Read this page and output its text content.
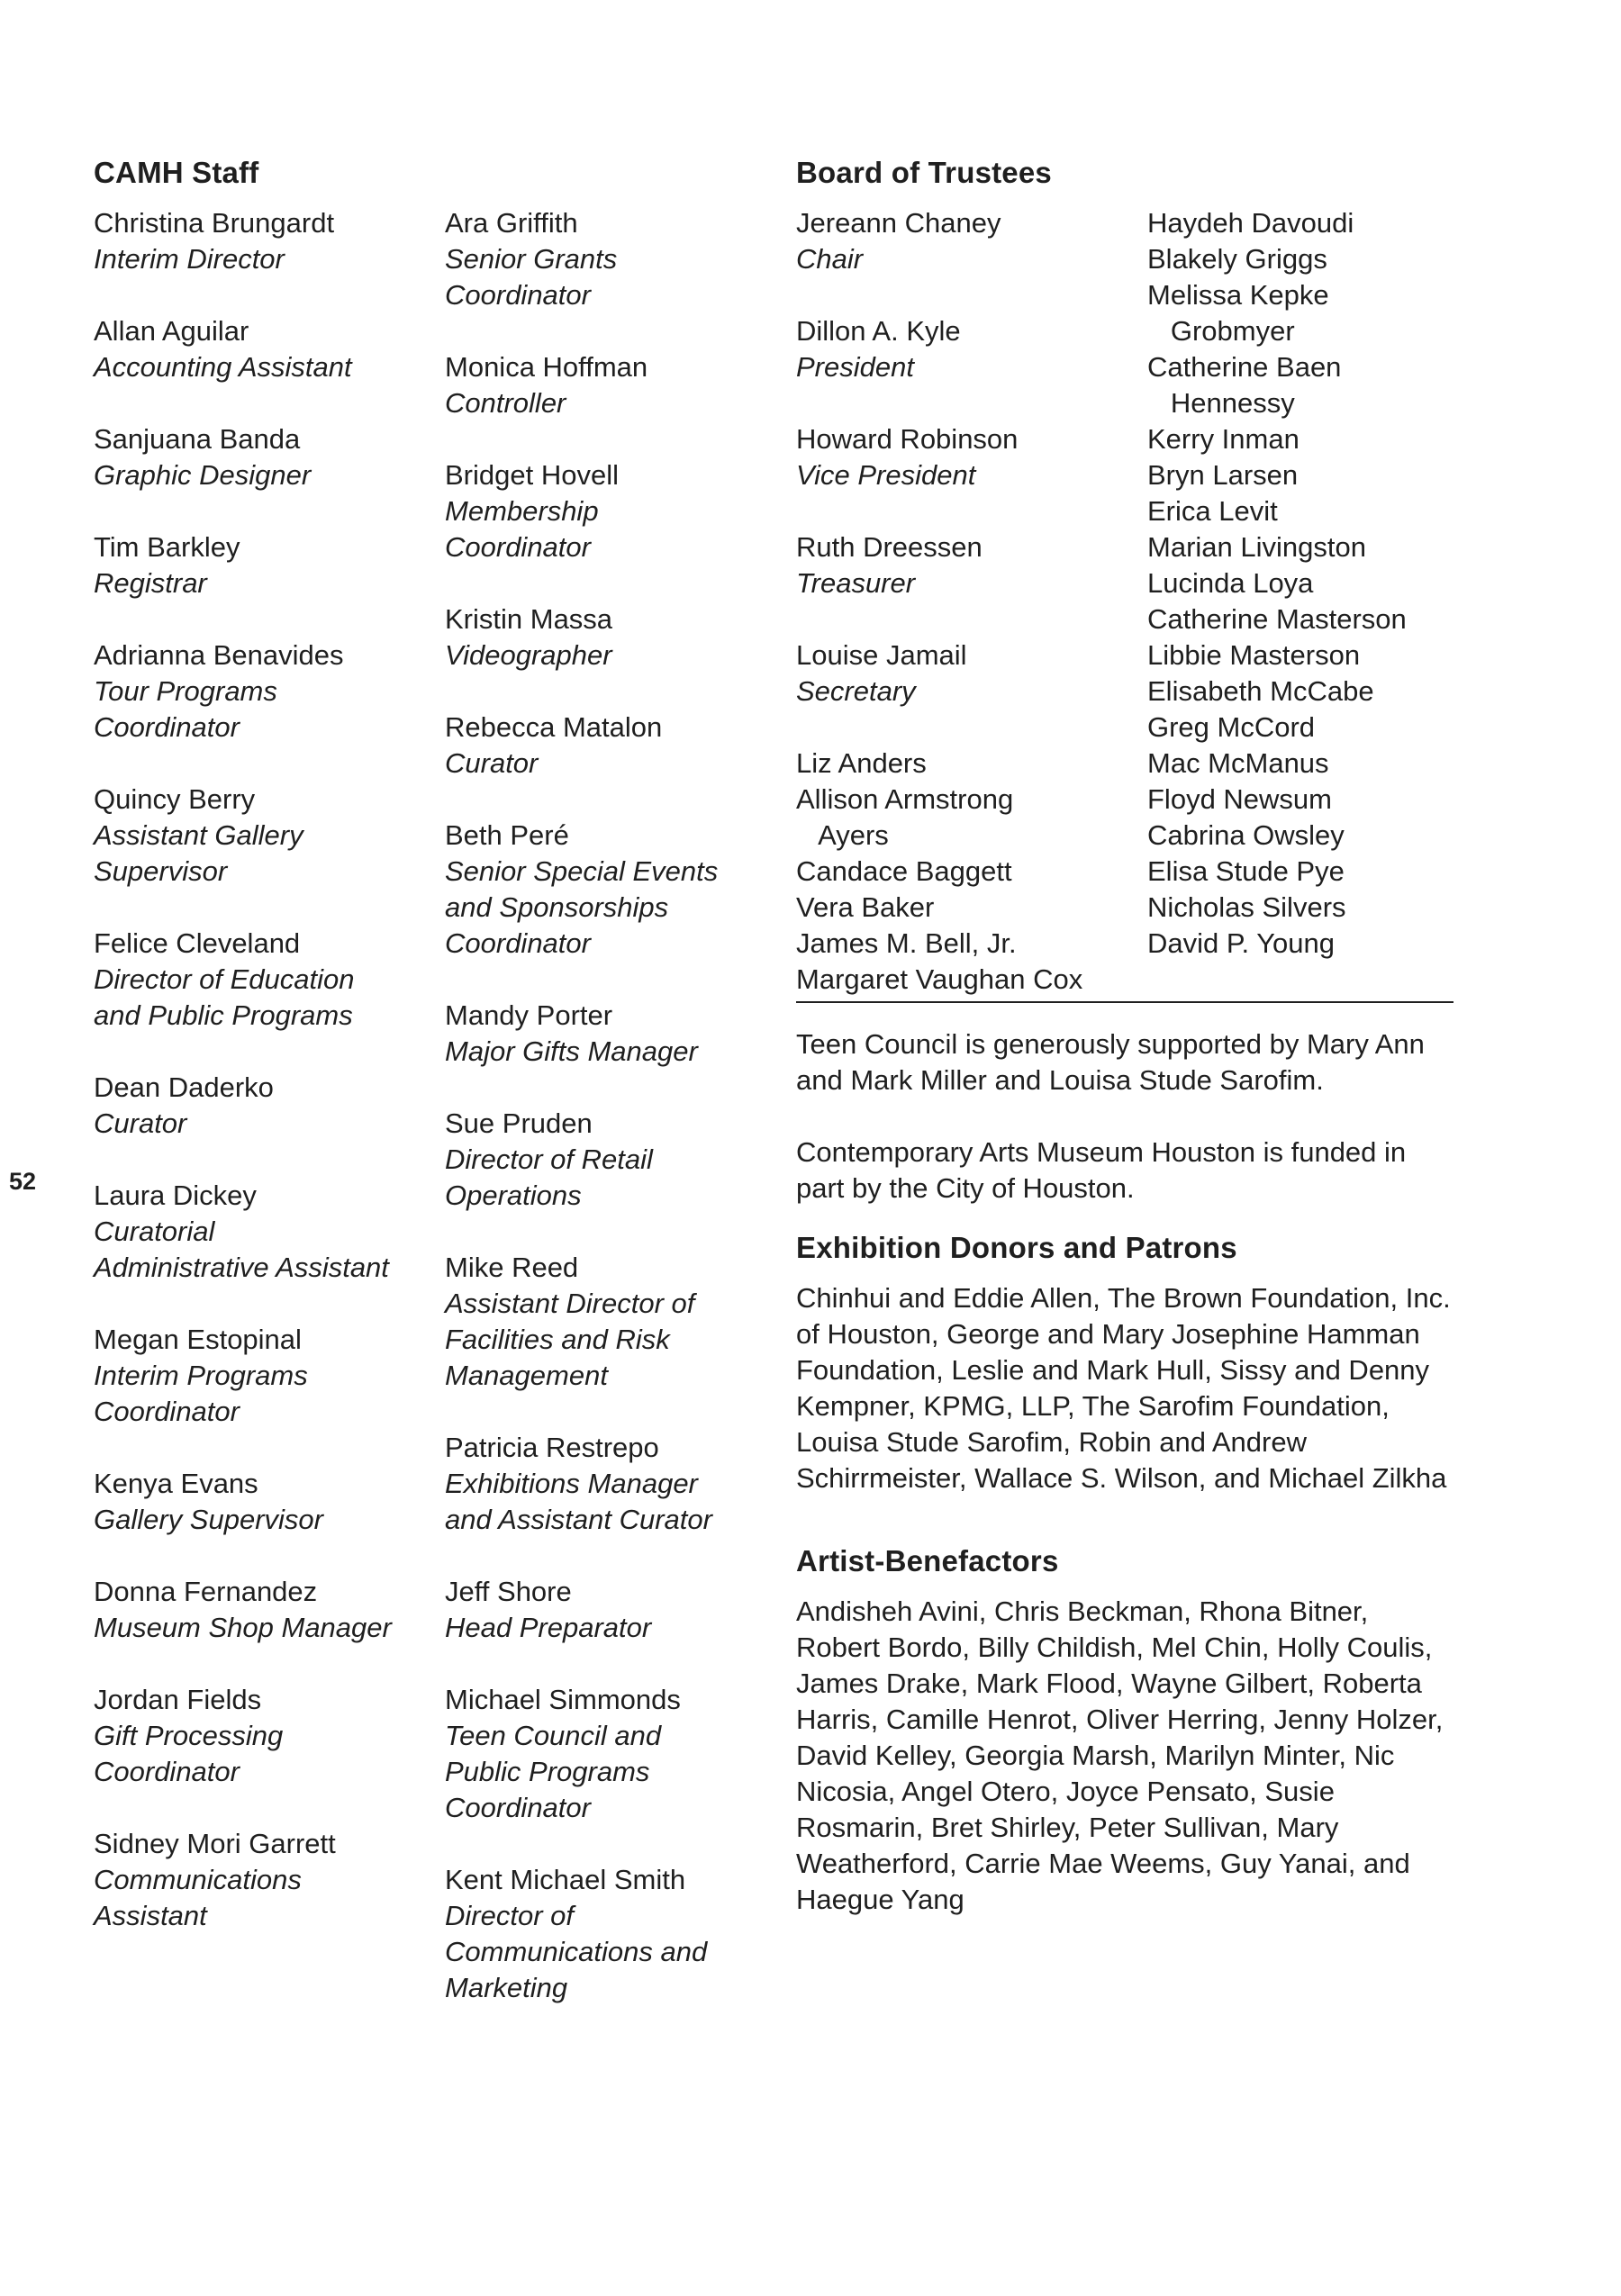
52
CAMH Staff
Christina Brungardt
Interim Director
Allan Aguilar
Accounting Assistant
Sanjuana Banda
Graphic Designer
Tim Barkley
Registrar
Adrianna Benavides
Tour Programs
Coordinator
Quincy Berry
Assistant Gallery
Supervisor
Felice Cleveland
Director of Education
and Public Programs
Dean Daderko
Curator
Laura Dickey
Curatorial
Administrative Assistant
Megan Estopinal
Interim Programs
Coordinator
Kenya Evans
Gallery Supervisor
Donna Fernandez
Museum Shop Manager
Jordan Fields
Gift Processing
Coordinator
Sidney Mori Garrett
Communications
Assistant
Ara Griffith
Senior Grants
Coordinator
Monica Hoffman
Controller
Bridget Hovell
Membership
Coordinator
Kristin Massa
Videographer
Rebecca Matalon
Curator
Beth Peré
Senior Special Events
and Sponsorships
Coordinator
Mandy Porter
Major Gifts Manager
Sue Pruden
Director of Retail
Operations
Mike Reed
Assistant Director of
Facilities and Risk
Management
Patricia Restrepo
Exhibitions Manager
and Assistant Curator
Jeff Shore
Head Preparator
Michael Simmonds
Teen Council and
Public Programs
Coordinator
Kent Michael Smith
Director of
Communications and
Marketing
Board of Trustees
Jereann Chaney
Chair
Dillon A. Kyle
President
Howard Robinson
Vice President
Ruth Dreessen
Treasurer
Louise Jamail
Secretary
Liz Anders
Allison Armstrong
Ayers
Candace Baggett
Vera Baker
James M. Bell, Jr.
Margaret Vaughan Cox
Haydeh Davoudi
Blakely Griggs
Melissa Kepke
Grobmyer
Catherine Baen
Hennessy
Kerry Inman
Bryn Larsen
Erica Levit
Marian Livingston
Lucinda Loya
Catherine Masterson
Libbie Masterson
Elisabeth McCabe
Greg McCord
Mac McManus
Floyd Newsum
Cabrina Owsley
Elisa Stude Pye
Nicholas Silvers
David P. Young

Teen Council is generously supported by Mary Ann and Mark Miller and Louisa Stude Sarofim.

Contemporary Arts Museum Houston is funded in part by the City of Houston.

Exhibition Donors and Patrons

Chinhui and Eddie Allen, The Brown Foundation, Inc. of Houston, George and Mary Josephine Hamman Foundation, Leslie and Mark Hull, Sissy and Denny Kempner, KPMG, LLP, The Sarofim Foundation, Louisa Stude Sarofim, Robin and Andrew Schirrmeister, Wallace S. Wilson, and Michael Zilkha

Artist-Benefactors

Andisheh Avini, Chris Beckman, Rhona Bitner, Robert Bordo, Billy Childish, Mel Chin, Holly Coulis, James Drake, Mark Flood, Wayne Gilbert, Roberta Harris, Camille Henrot, Oliver Herring, Jenny Holzer, David Kelley, Georgia Marsh, Marilyn Minter, Nic Nicosia, Angel Otero, Joyce Pensato, Susie Rosmarin, Bret Shirley, Peter Sullivan, Mary Weatherford, Carrie Mae Weems, Guy Yanai, and Haegue Yang
